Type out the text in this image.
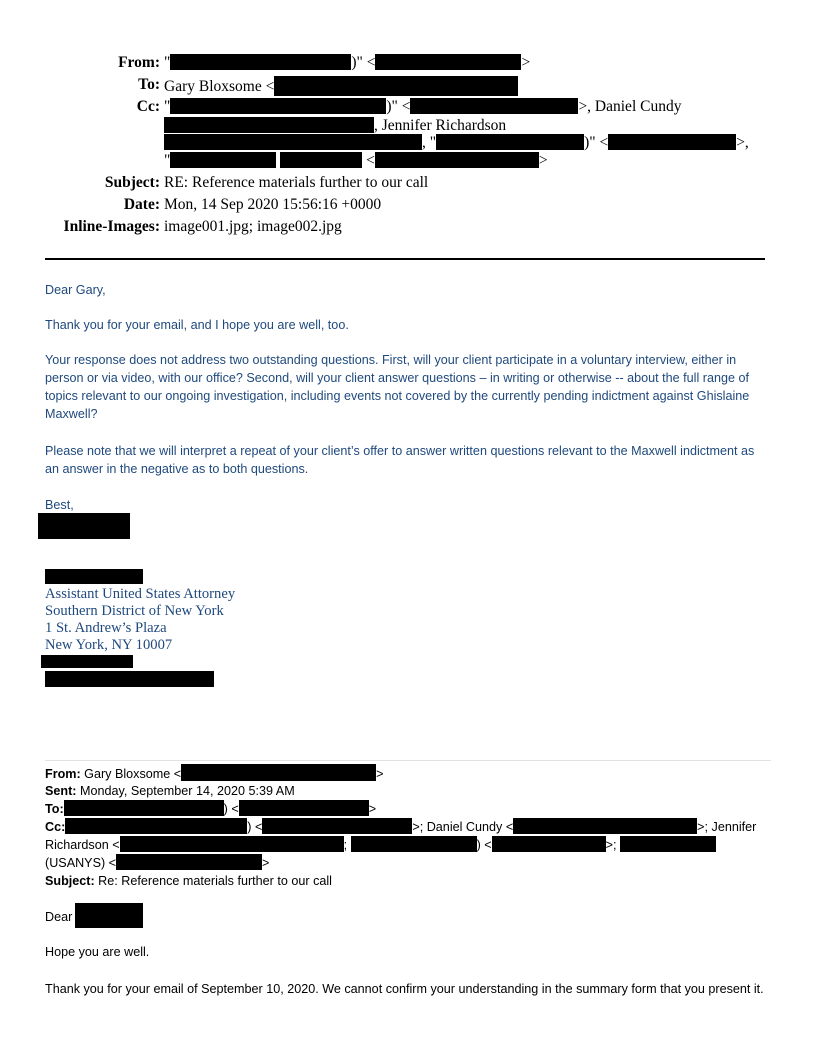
From: "	)" <	>
To: Gary Bloxsome <
Cc: "	)" <	>, Daniel Cundy
, Jennifer Richardson
, "	)" <	>,
"	<	>
Subject: RE: Reference materials further to our call
Date: Mon, 14 Sep 2020 15:56:16 +0000
Inline-Images: image001.jpg; image002.jpg
Dear Gary,
Thank you for your email, and I hope you are well, too.
Your response does not address two outstanding questions. First, will your client participate in a voluntary interview, either in person or via video, with our office? Second, will your client answer questions – in writing or otherwise -- about the full range of topics relevant to our ongoing investigation, including events not covered by the currently pending indictment against Ghislaine Maxwell?
Please note that we will interpret a repeat of your client’s offer to answer written questions relevant to the Maxwell indictment as an answer in the negative as to both questions.
Best,
Assistant United States Attorney
Southern District of New York
1 St. Andrew’s Plaza
New York, NY 10007
From: Gary Bloxsome <	>
Sent: Monday, September 14, 2020 5:39 AM
To:	) <	>
Cc:	) <	>; Daniel Cundy <	>; Jennifer
Richardson <	;	) <	>;
(USANYS) <	>
Subject: Re: Reference materials further to our call
Dear
Hope you are well.
Thank you for your email of September 10, 2020. We cannot confirm your understanding in the summary form that you present it.
